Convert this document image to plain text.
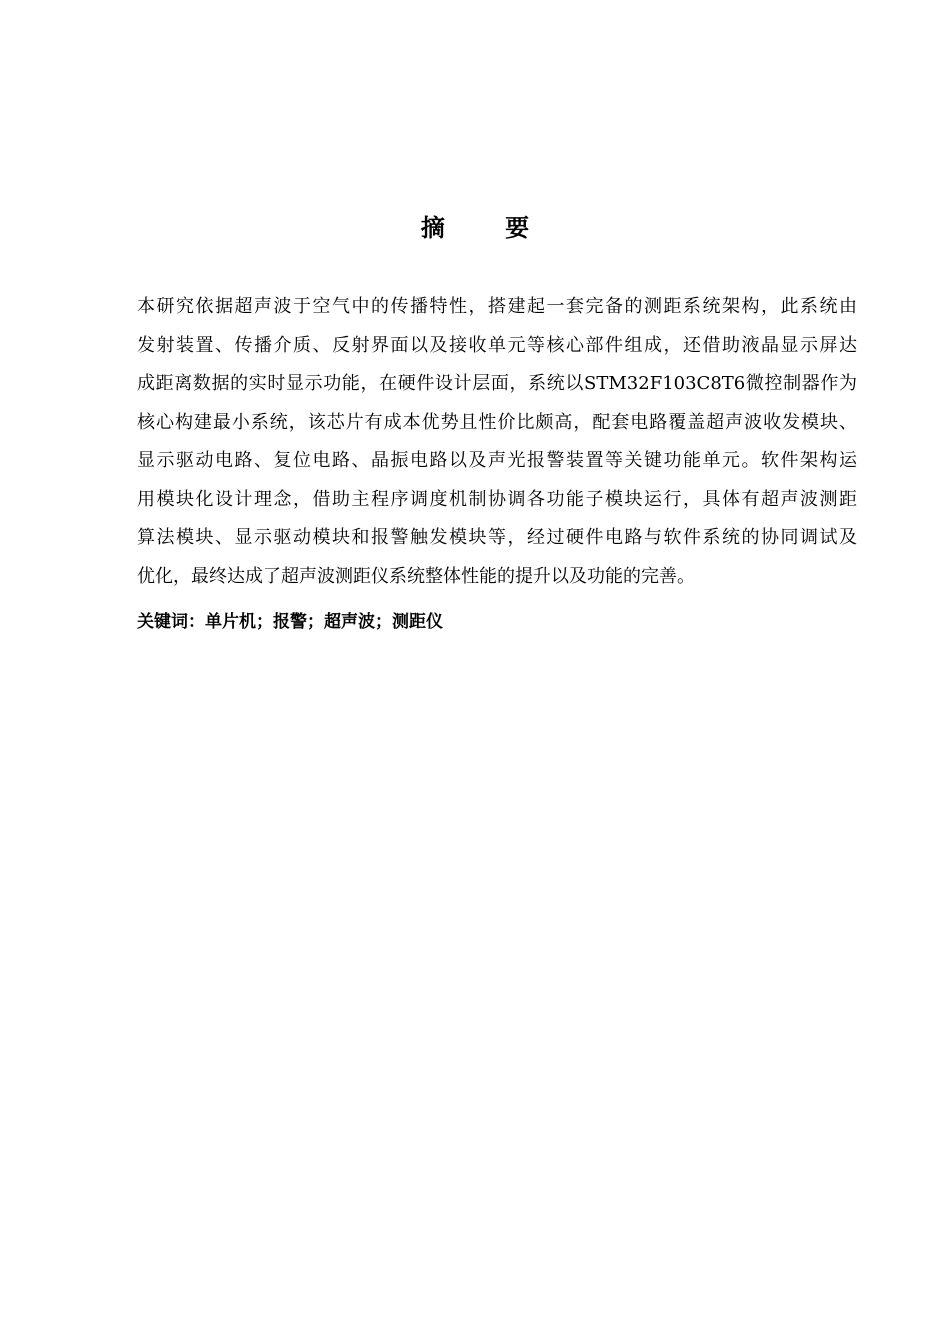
摘 要

本研究依据超声波于空气中的传播特性，搭建起一套完备的测距系统架构，此系统由
发射装置、传播介质、反射界面以及接收单元等核心部件组成，还借助液晶显示屏达
成距离数据的实时显示功能，在硬件设计层面，系统以STM32F103C8T6微控制器作为
核心构建最小系统，该芯片有成本优势且性价比颇高，配套电路覆盖超声波收发模块、
显示驱动电路、复位电路、晶振电路以及声光报警装置等关键功能单元。软件架构运
用模块化设计理念，借助主程序调度机制协调各功能子模块运行，具体有超声波测距
算法模块、显示驱动模块和报警触发模块等，经过硬件电路与软件系统的协同调试及
优化，最终达成了超声波测距仪系统整体性能的提升以及功能的完善。

关键词：单片机；报警；超声波；测距仪
